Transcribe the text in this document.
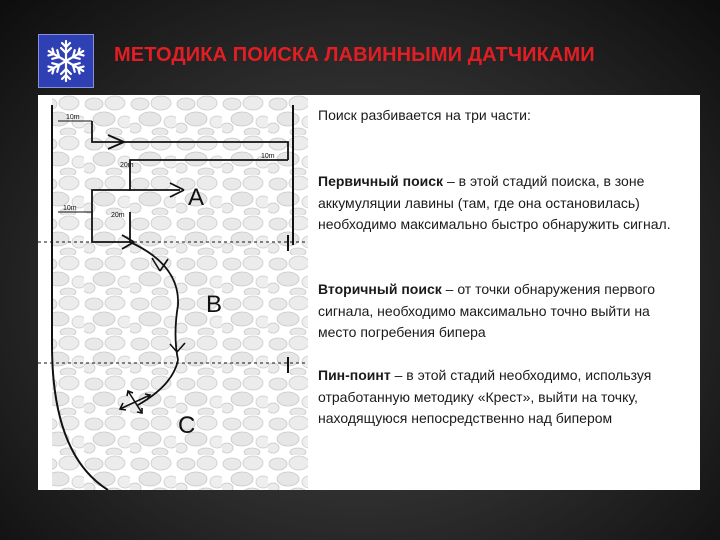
МЕТОДИКА ПОИСКА ЛАВИННЫМИ ДАТЧИКАМИ
10m
10m
20m
10m
20m
A
B
C
Поиск разбивается на три части:
Первичный поиск – в этой стадий поиска, в зоне аккумуляции лавины (там, где она остановилась) необходимо максимально быстро обнаружить сигнал.
Вторичный поиск – от точки обнаружения первого сигнала, необходимо максимально точно выйти на место погребения бипера
Пин-поинт – в этой стадий необходимо, используя отработанную методику «Крест», выйти на точку, находящуюся непосредственно над бипером
